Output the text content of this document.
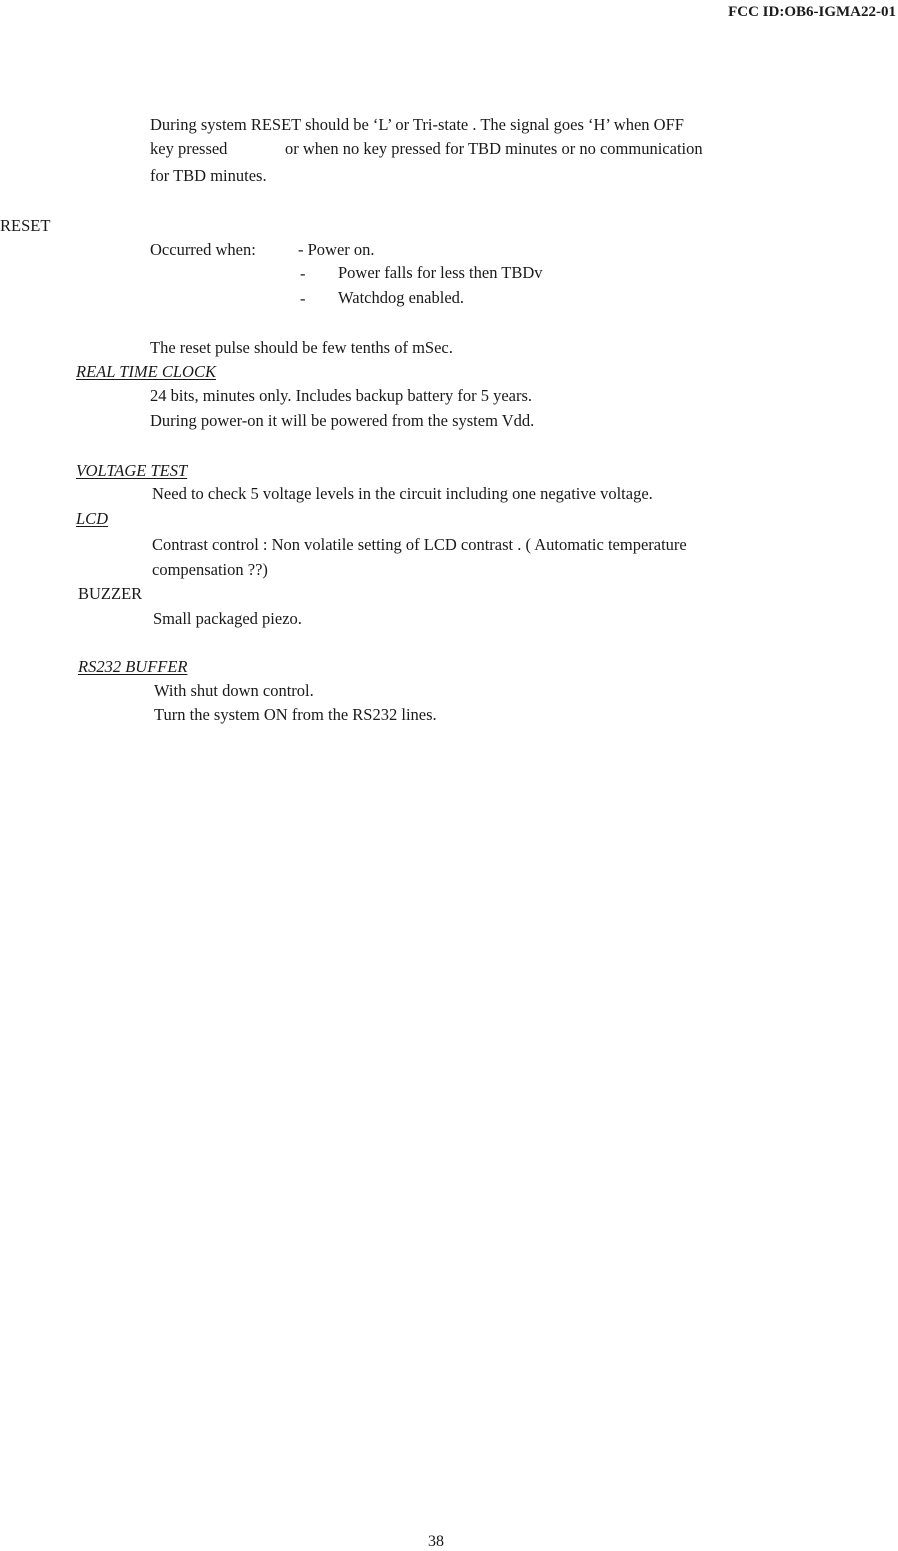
FCC ID:OB6-IGMA22-01
During system RESET should be ‘L’ or Tri-state . The signal goes ‘H’ when OFF
key pressed	or when no key pressed for TBD minutes or no communication
for TBD minutes.
RESET
Occurred when:	- Power on.
- Power falls for less then TBDv
- Watchdog enabled.
The reset pulse should be few tenths of mSec.
REAL TIME CLOCK
24 bits, minutes only. Includes backup battery for 5 years.
During power-on it will be powered from the system Vdd.
VOLTAGE TEST
Need to check 5 voltage levels in the circuit including one negative voltage.
LCD
Contrast control : Non volatile setting of LCD contrast . ( Automatic temperature
compensation ??)
BUZZER
Small packaged piezo.
RS232 BUFFER
With shut down control.
Turn the system ON from the RS232 lines.
38
